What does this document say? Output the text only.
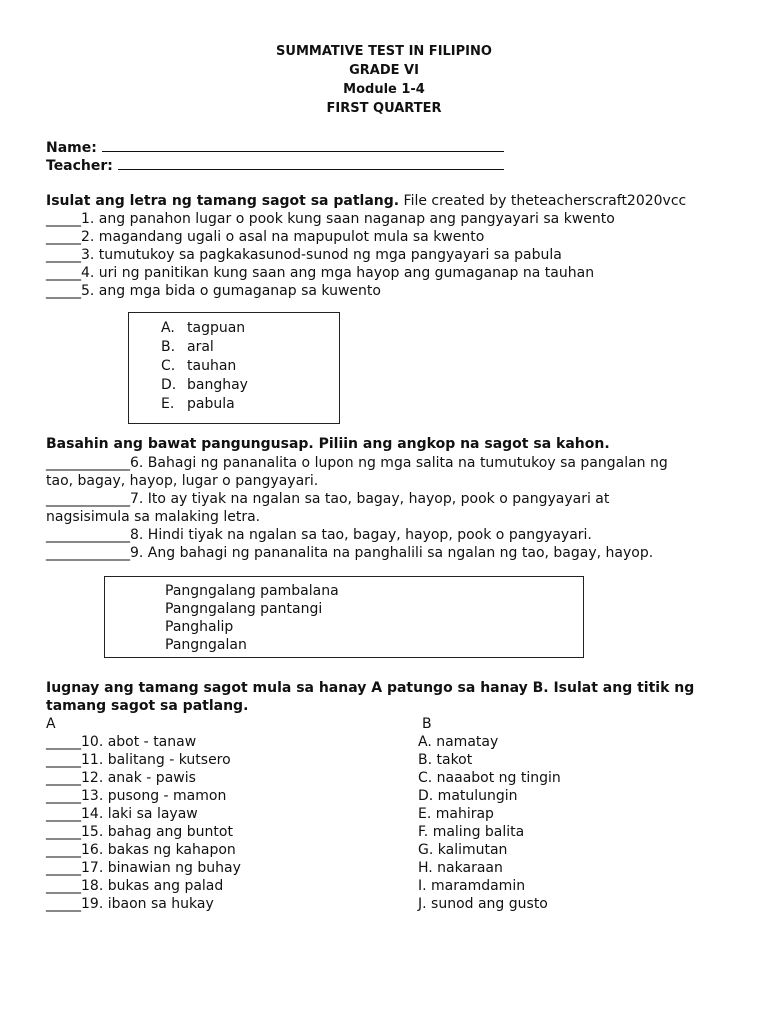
SUMMATIVE TEST IN FILIPINO
GRADE VI
Module 1-4
FIRST QUARTER
Name:
Teacher:
Isulat ang letra ng tamang sagot sa patlang. File created by theteacherscraft2020vcc
_____1. ang panahon lugar o pook kung saan naganap ang pangyayari sa kwento
_____2. magandang ugali o asal na mapupulot mula sa kwento
_____3. tumutukoy sa pagkakasunod-sunod ng mga pangyayari sa pabula
_____4. uri ng panitikan kung saan ang mga hayop ang gumaganap na tauhan
_____5. ang mga bida o gumaganap sa kuwento
A. tagpuan
B. aral
C. tauhan
D. banghay
E. pabula
Basahin ang bawat pangungusap. Piliin ang angkop na sagot sa kahon.
____________6. Bahagi ng pananalita o lupon ng mga salita na tumutukoy sa pangalan ng
tao, bagay, hayop, lugar o pangyayari.
____________7. Ito ay tiyak na ngalan sa tao, bagay, hayop, pook o pangyayari at
nagsisimula sa malaking letra.
____________8. Hindi tiyak na ngalan sa tao, bagay, hayop, pook o pangyayari.
____________9. Ang bahagi ng pananalita na panghalili sa ngalan ng tao, bagay, hayop.
Pangngalang pambalana
Pangngalang pantangi
Panghalip
Pangngalan
Iugnay ang tamang sagot mula sa hanay A patungo sa hanay B. Isulat ang titik ng
tamang sagot sa patlang.
A	B
_____10. abot - tanaw
_____11. balitang - kutsero
_____12. anak - pawis
_____13. pusong - mamon
_____14. laki sa layaw
_____15. bahag ang buntot
_____16. bakas ng kahapon
_____17. binawian ng buhay
_____18. bukas ang palad
_____19. ibaon sa hukay
A. namatay
B. takot
C. naaabot ng tingin
D. matulungin
E. mahirap
F. maling balita
G. kalimutan
H. nakaraan
I. maramdamin
J. sunod ang gusto
